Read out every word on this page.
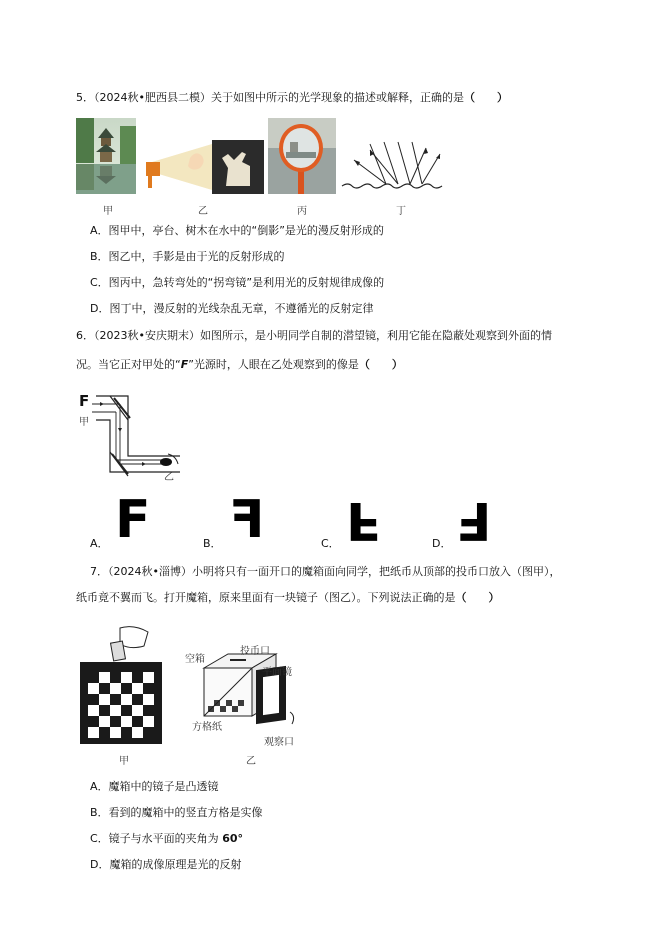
5．（2024秋•肥西县二模）关于如图中所示的光学现象的描述或解释，正确的是（　　）
甲	乙	丙	丁
A．图甲中，亭台、树木在水中的“倒影”是光的漫反射形成的
B．图乙中，手影是由于光的反射形成的
C．图丙中，急转弯处的“拐弯镜”是利用光的反射规律成像的
D．图丁中，漫反射的光线杂乱无章，不遵循光的反射定律
6．（2023秋•安庆期末）如图所示，是小明同学自制的潜望镜，利用它能在隐蔽处观察到外面的情
况。当它正对甲处的“F”光源时，人眼在乙处观察到的像是（　　）
F
甲
乙
A． F	B． F	C． F	D． F
7．（2024秋•淄博）小明将只有一面开口的魔箱面向同学，把纸币从顶部的投币口放入（图甲），
纸币竟不翼而飞。打开魔箱，原来里面有一块镜子（图乙）。下列说法正确的是（　　）
空箱
投币口
平面镜
方格纸
观察口
甲	乙
A．魔箱中的镜子是凸透镜
B．看到的魔箱中的竖直方格是实像
C．镜子与水平面的夹角为 60°
D．魔箱的成像原理是光的反射
